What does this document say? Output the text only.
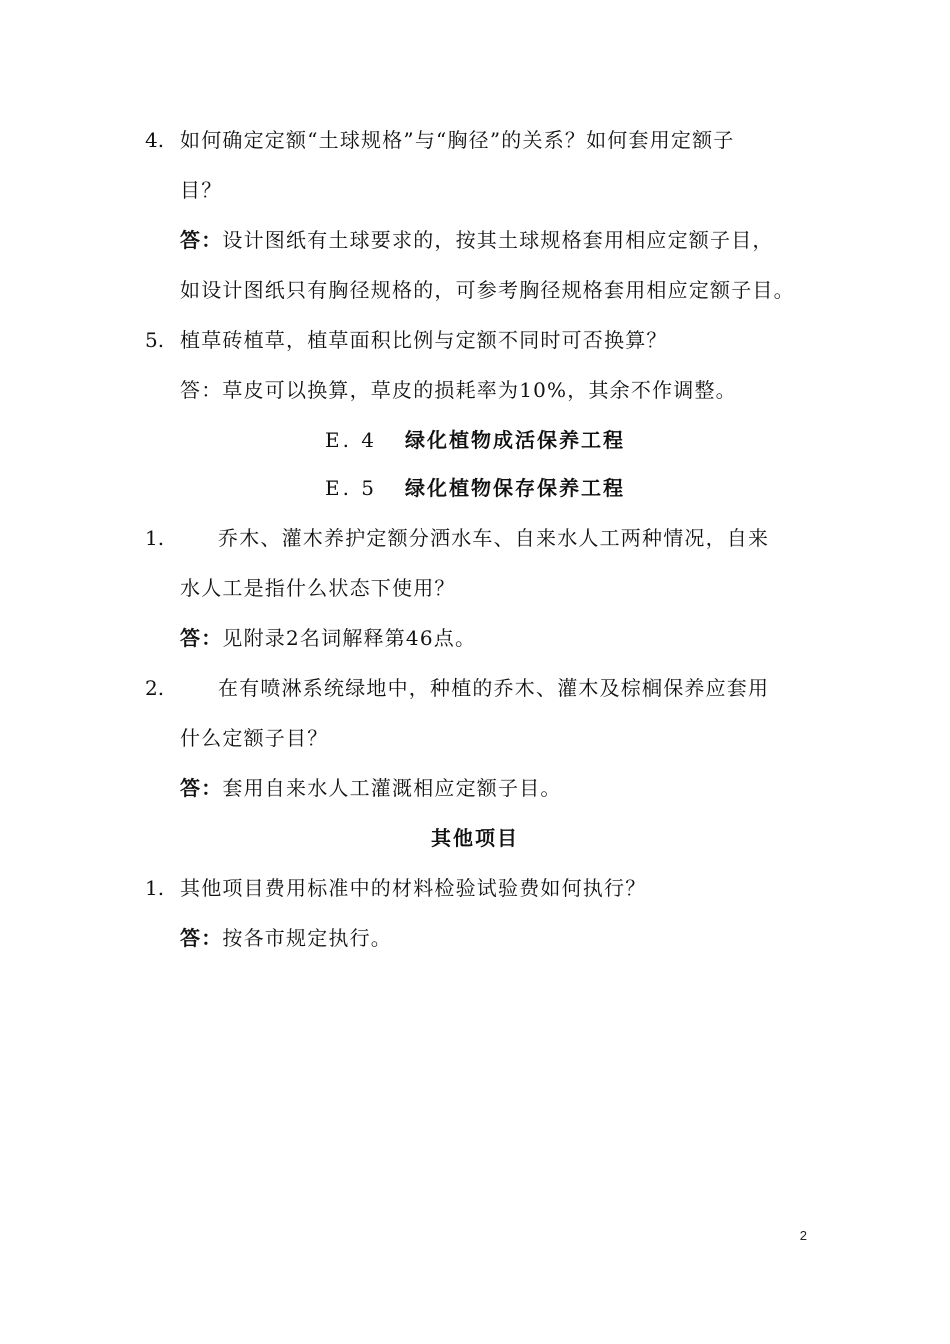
4. 如何确定定额“土球规格”与“胸径”的关系？如何套用定额子
目？
答：设计图纸有土球要求的，按其土球规格套用相应定额子目，
如设计图纸只有胸径规格的，可参考胸径规格套用相应定额子目。
5. 植草砖植草，植草面积比例与定额不同时可否换算？
答：草皮可以换算，草皮的损耗率为10%，其余不作调整。
E. 4 绿化植物成活保养工程
E. 5 绿化植物保存保养工程
1.	乔木、灌木养护定额分洒水车、自来水人工两种情况，自来
水人工是指什么状态下使用？
答：见附录2名词解释第46点。
2.	在有喷淋系统绿地中，种植的乔木、灌木及棕榈保养应套用
什么定额子目？
答：套用自来水人工灌溉相应定额子目。
其他项目
1. 其他项目费用标准中的材料检验试验费如何执行？
答：按各市规定执行。
2
